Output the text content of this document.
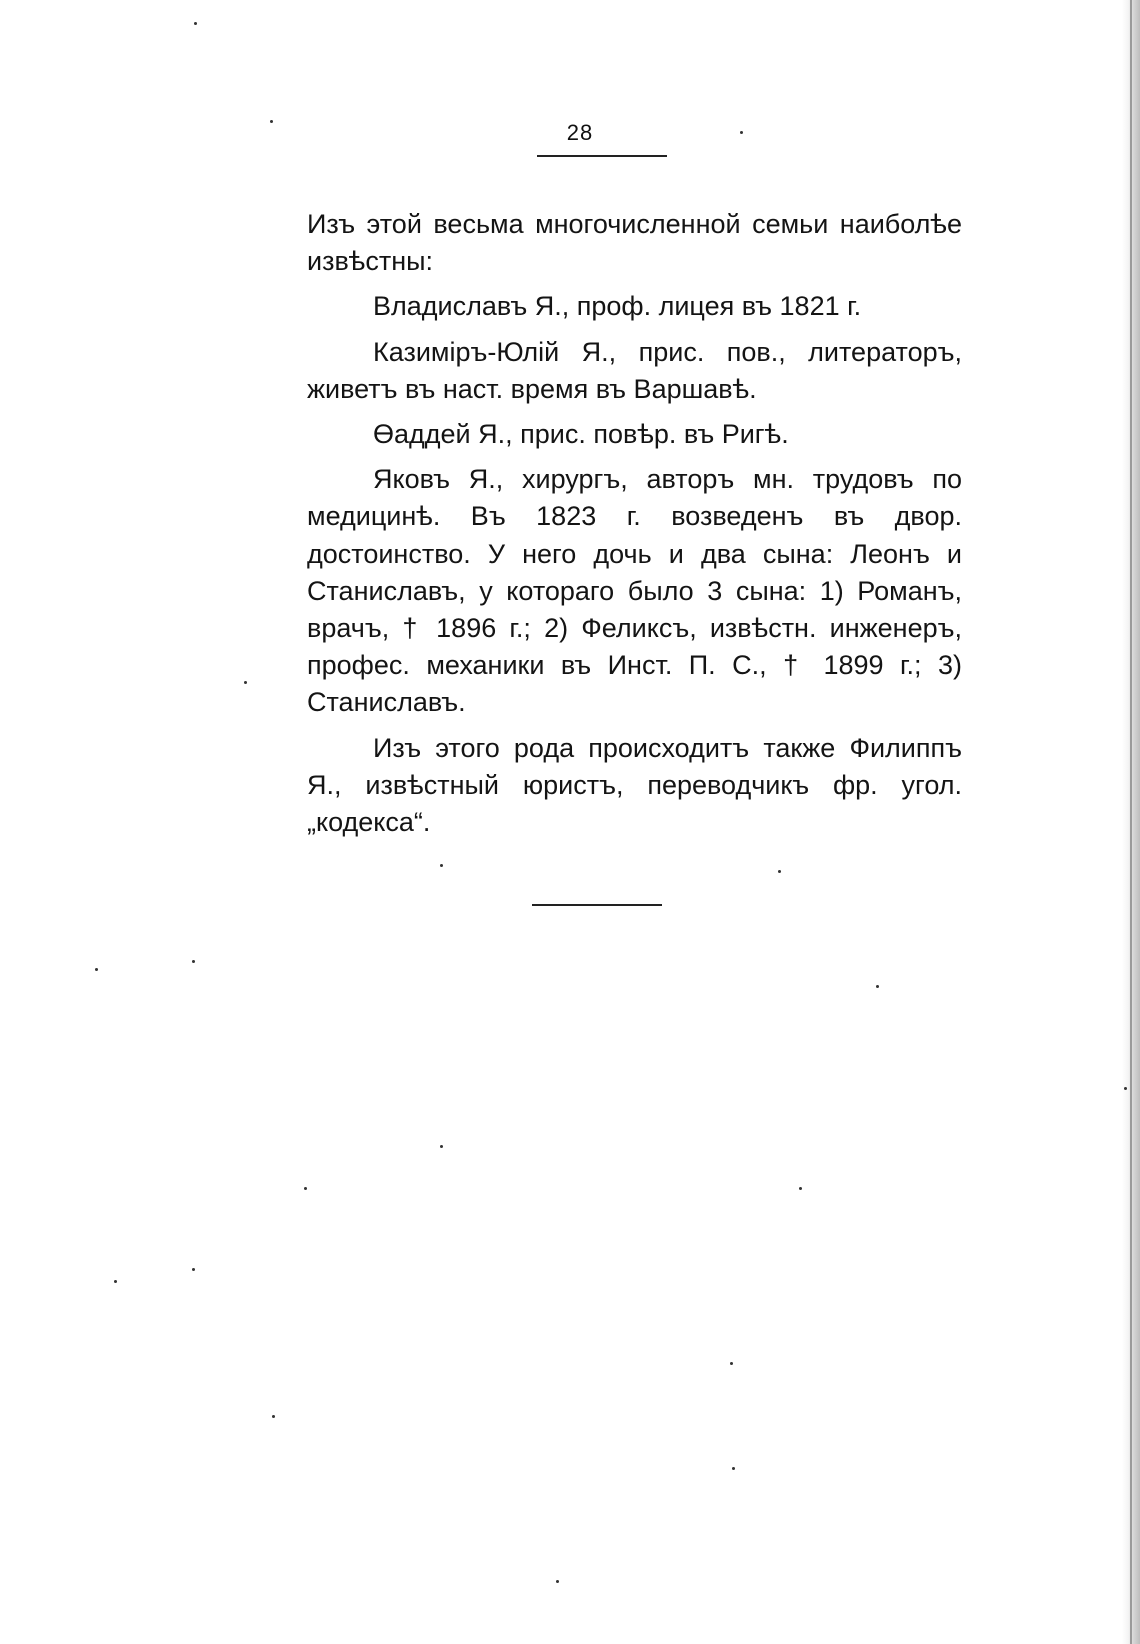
28

Изъ этой весьма многочисленной семьи наиболѣе извѣстны:

Владиславъ Я., проф. лицея въ 1821 г.

Казиміръ-Юлій Я., прис. пов., литераторъ, живетъ въ наст. время въ Варшавѣ.

Өаддей Я., прис. повѣр. въ Ригѣ.

Яковъ Я., хирургъ, авторъ мн. трудовъ по медицинѣ. Въ 1823 г. возведенъ въ двор. достоинство. У него дочь и два сына: Леонъ и Станиславъ, у котораго было 3 сына: 1) Романъ, врачъ, † 1896 г.; 2) Феликсъ, извѣстн. инженеръ, профес. механики въ Инст. П. С., † 1899 г.; 3) Станиславъ.

Изъ этого рода происходитъ также Филиппъ Я., извѣстный юристъ, переводчикъ фр. угол. „кодекса“.
